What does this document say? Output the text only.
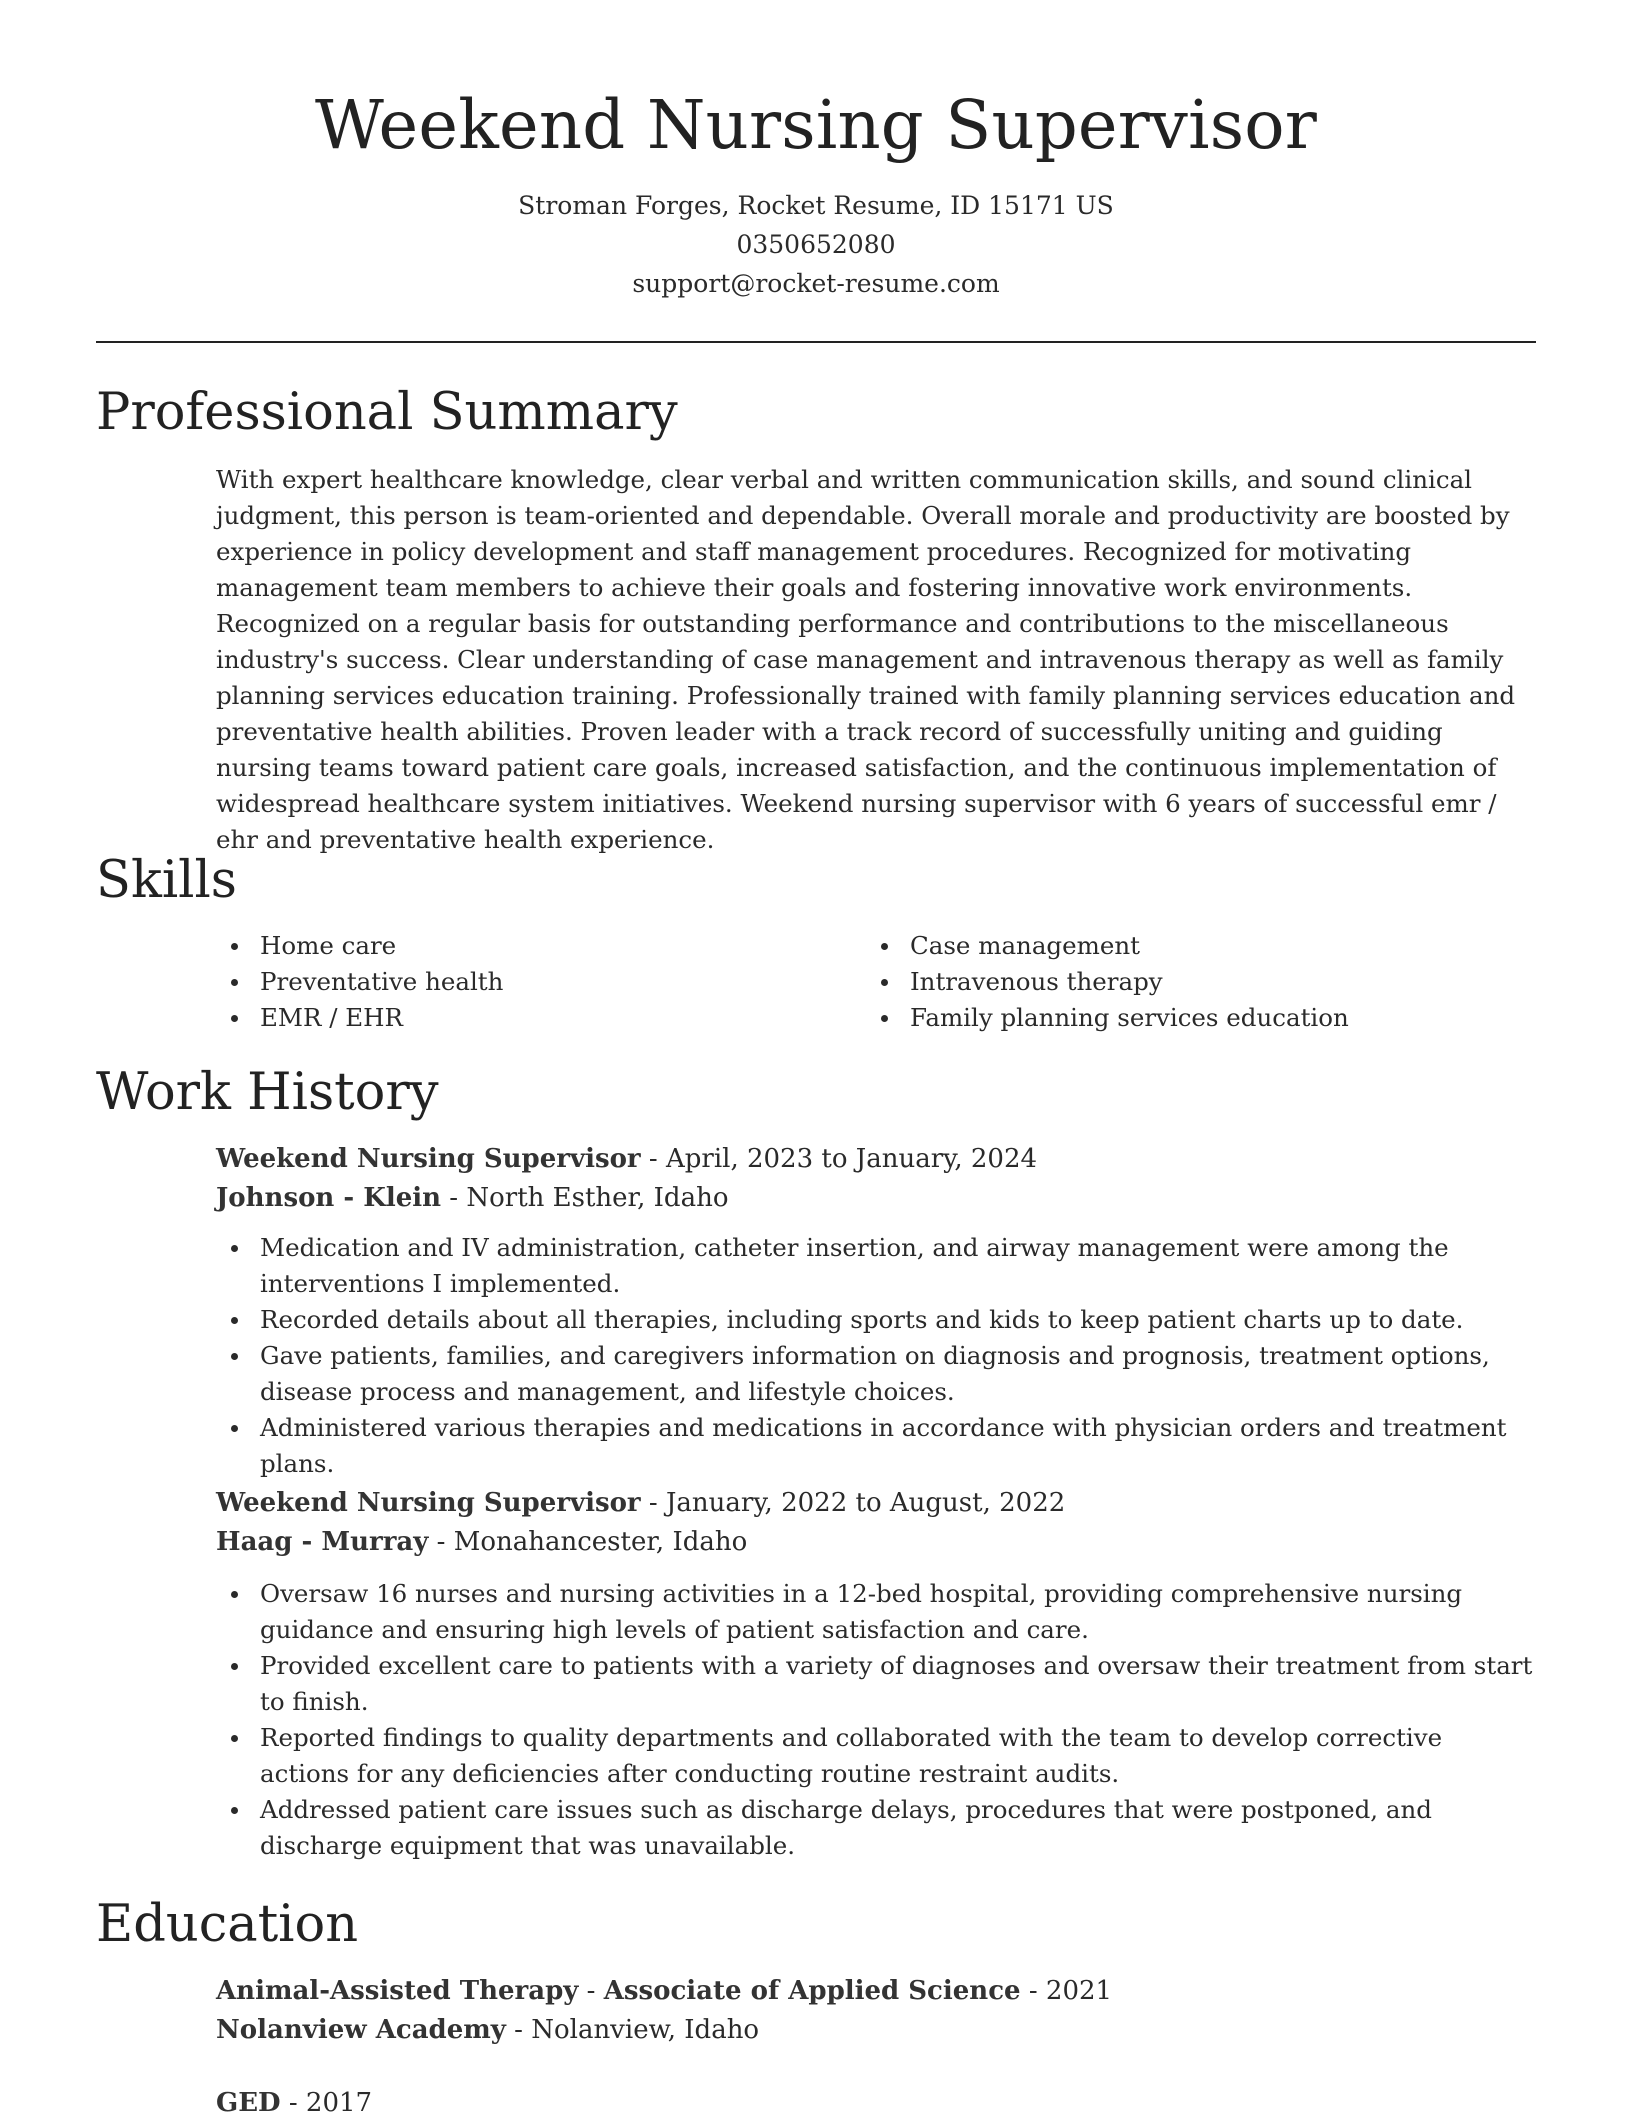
Weekend Nursing Supervisor
Stroman Forges, Rocket Resume, ID 15171 US
0350652080
support@rocket-resume.com
Professional Summary

With expert healthcare knowledge, clear verbal and written communication skills, and sound clinical judgment, this person is team-oriented and dependable. Overall morale and productivity are boosted by experience in policy development and staff management procedures. Recognized for motivating management team members to achieve their goals and fostering innovative work environments. Recognized on a regular basis for outstanding performance and contributions to the miscellaneous industry's success. Clear understanding of case management and intravenous therapy as well as family planning services education training. Professionally trained with family planning services education and preventative health abilities. Proven leader with a track record of successfully uniting and guiding nursing teams toward patient care goals, increased satisfaction, and the continuous implementation of widespread healthcare system initiatives. Weekend nursing supervisor with 6 years of successful emr / ehr and preventative health experience.

Skills
Home care
Preventative health
EMR / EHR
Case management
Intravenous therapy
Family planning services education
Work History
Weekend Nursing Supervisor - April, 2023 to January, 2024
Johnson - Klein - North Esther, Idaho
Medication and IV administration, catheter insertion, and airway management were among the interventions I implemented.
Recorded details about all therapies, including sports and kids to keep patient charts up to date.
Gave patients, families, and caregivers information on diagnosis and prognosis, treatment options, disease process and management, and lifestyle choices.
Administered various therapies and medications in accordance with physician orders and treatment plans.
Weekend Nursing Supervisor - January, 2022 to August, 2022
Haag - Murray - Monahancester, Idaho
Oversaw 16 nurses and nursing activities in a 12-bed hospital, providing comprehensive nursing guidance and ensuring high levels of patient satisfaction and care.
Provided excellent care to patients with a variety of diagnoses and oversaw their treatment from start to finish.
Reported findings to quality departments and collaborated with the team to develop corrective actions for any deficiencies after conducting routine restraint audits.
Addressed patient care issues such as discharge delays, procedures that were postponed, and discharge equipment that was unavailable.
Education
Animal-Assisted Therapy - Associate of Applied Science - 2021
Nolanview Academy - Nolanview, Idaho
GED - 2017
